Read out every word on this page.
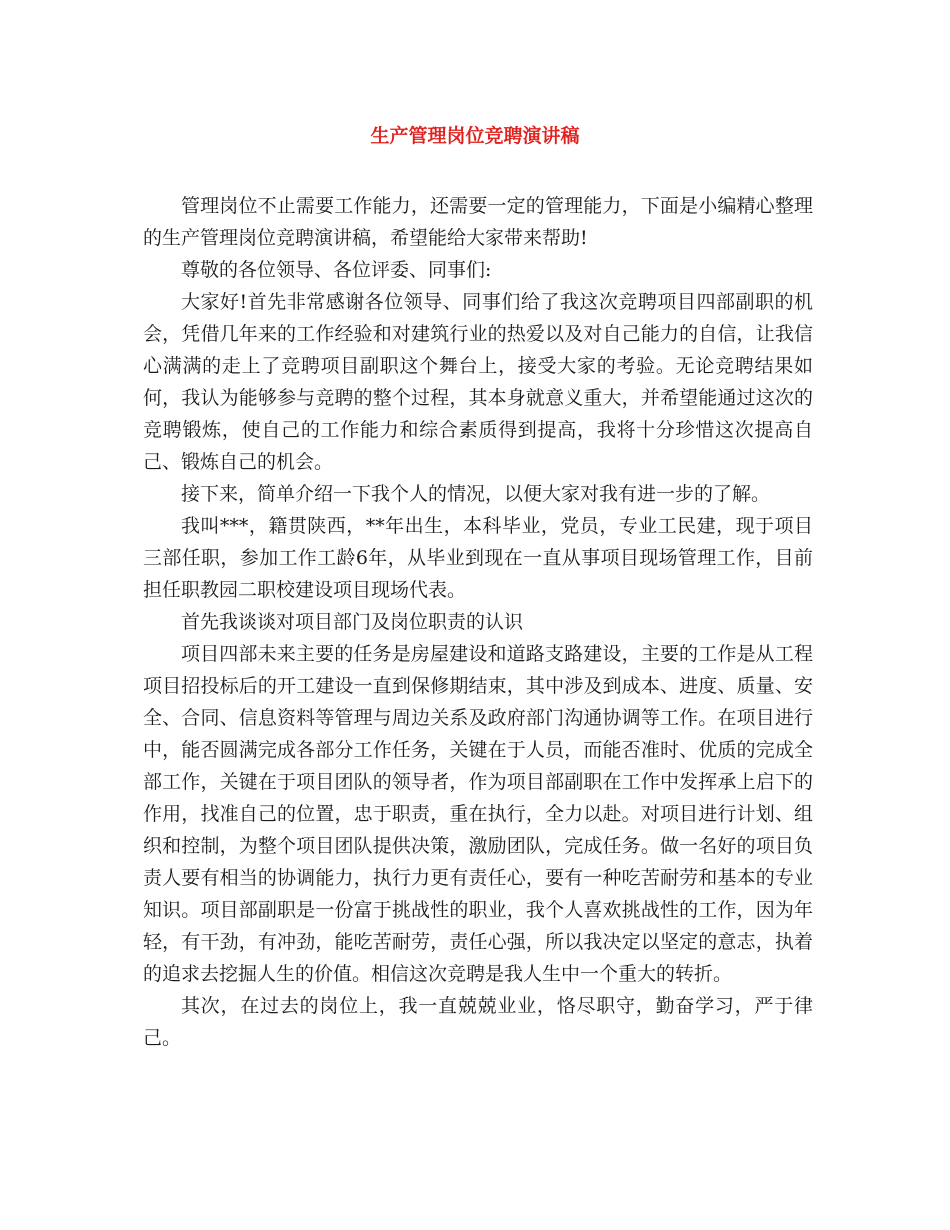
生产管理岗位竞聘演讲稿

管理岗位不止需要工作能力，还需要一定的管理能力，下面是小编精心整理的生产管理岗位竞聘演讲稿，希望能给大家带来帮助!

尊敬的各位领导、各位评委、同事们:

大家好!首先非常感谢各位领导、同事们给了我这次竞聘项目四部副职的机会，凭借几年来的工作经验和对建筑行业的热爱以及对自己能力的自信，让我信心满满的走上了竞聘项目副职这个舞台上，接受大家的考验。无论竞聘结果如何，我认为能够参与竞聘的整个过程，其本身就意义重大，并希望能通过这次的竞聘锻炼，使自己的工作能力和综合素质得到提高，我将十分珍惜这次提高自己、锻炼自己的机会。

接下来，简单介绍一下我个人的情况，以便大家对我有进一步的了解。

我叫***，籍贯陕西，**年出生，本科毕业，党员，专业工民建，现于项目三部任职，参加工作工龄6年，从毕业到现在一直从事项目现场管理工作，目前担任职教园二职校建设项目现场代表。

首先我谈谈对项目部门及岗位职责的认识

项目四部未来主要的任务是房屋建设和道路支路建设，主要的工作是从工程项目招投标后的开工建设一直到保修期结束，其中涉及到成本、进度、质量、安全、合同、信息资料等管理与周边关系及政府部门沟通协调等工作。在项目进行中，能否圆满完成各部分工作任务，关键在于人员，而能否准时、优质的完成全部工作，关键在于项目团队的领导者，作为项目部副职在工作中发挥承上启下的作用，找准自己的位置，忠于职责，重在执行，全力以赴。对项目进行计划、组织和控制，为整个项目团队提供决策，激励团队，完成任务。做一名好的项目负责人要有相当的协调能力，执行力更有责任心，要有一种吃苦耐劳和基本的专业知识。项目部副职是一份富于挑战性的职业，我个人喜欢挑战性的工作，因为年轻，有干劲，有冲劲，能吃苦耐劳，责任心强，所以我决定以坚定的意志，执着的追求去挖掘人生的价值。相信这次竞聘是我人生中一个重大的转折。

其次，在过去的岗位上，我一直兢兢业业，恪尽职守，勤奋学习，严于律己。
